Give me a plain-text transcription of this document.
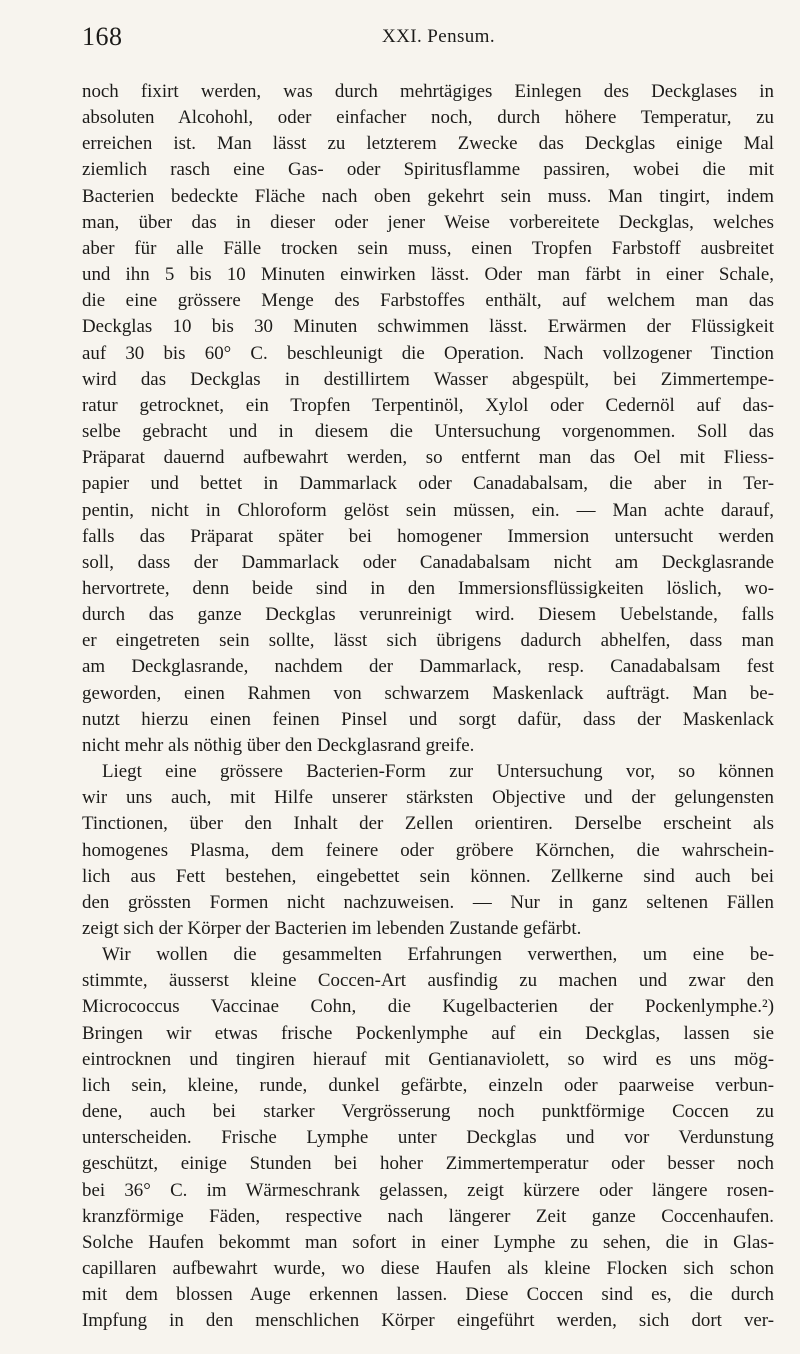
168	XXI. Pensum.
noch fixirt werden, was durch mehrtägiges Einlegen des Deckglases in
absoluten Alcohohl, oder einfacher noch, durch höhere Temperatur, zu
erreichen ist. Man lässt zu letzterem Zwecke das Deckglas einige Mal
ziemlich rasch eine Gas- oder Spiritusflamme passiren, wobei die mit
Bacterien bedeckte Fläche nach oben gekehrt sein muss. Man tingirt, indem
man, über das in dieser oder jener Weise vorbereitete Deckglas, welches
aber für alle Fälle trocken sein muss, einen Tropfen Farbstoff ausbreitet
und ihn 5 bis 10 Minuten einwirken lässt. Oder man färbt in einer Schale,
die eine grössere Menge des Farbstoffes enthält, auf welchem man das
Deckglas 10 bis 30 Minuten schwimmen lässt. Erwärmen der Flüssigkeit
auf 30 bis 60° C. beschleunigt die Operation. Nach vollzogener Tinction
wird das Deckglas in destillirtem Wasser abgespült, bei Zimmertempe-
ratur getrocknet, ein Tropfen Terpentinöl, Xylol oder Cedernöl auf das-
selbe gebracht und in diesem die Untersuchung vorgenommen. Soll das
Präparat dauernd aufbewahrt werden, so entfernt man das Oel mit Fliess-
papier und bettet in Dammarlack oder Canadabalsam, die aber in Ter-
pentin, nicht in Chloroform gelöst sein müssen, ein. — Man achte darauf,
falls das Präparat später bei homogener Immersion untersucht werden
soll, dass der Dammarlack oder Canadabalsam nicht am Deckglasrande
hervortrete, denn beide sind in den Immersionsflüssigkeiten löslich, wo-
durch das ganze Deckglas verunreinigt wird. Diesem Uebelstande, falls
er eingetreten sein sollte, lässt sich übrigens dadurch abhelfen, dass man
am Deckglasrande, nachdem der Dammarlack, resp. Canadabalsam fest
geworden, einen Rahmen von schwarzem Maskenlack aufträgt. Man be-
nutzt hierzu einen feinen Pinsel und sorgt dafür, dass der Maskenlack
nicht mehr als nöthig über den Deckglasrand greife.
Liegt eine grössere Bacterien-Form zur Untersuchung vor, so können
wir uns auch, mit Hilfe unserer stärksten Objective und der gelungensten
Tinctionen, über den Inhalt der Zellen orientiren. Derselbe erscheint als
homogenes Plasma, dem feinere oder gröbere Körnchen, die wahrschein-
lich aus Fett bestehen, eingebettet sein können. Zellkerne sind auch bei
den grössten Formen nicht nachzuweisen. — Nur in ganz seltenen Fällen
zeigt sich der Körper der Bacterien im lebenden Zustande gefärbt.
Wir wollen die gesammelten Erfahrungen verwerthen, um eine be-
stimmte, äusserst kleine Coccen-Art ausfindig zu machen und zwar den
Micrococcus Vaccinae Cohn, die Kugelbacterien der Pockenlymphe.²)
Bringen wir etwas frische Pockenlymphe auf ein Deckglas, lassen sie
eintrocknen und tingiren hierauf mit Gentianaviolett, so wird es uns mög-
lich sein, kleine, runde, dunkel gefärbte, einzeln oder paarweise verbun-
dene, auch bei starker Vergrösserung noch punktförmige Coccen zu
unterscheiden. Frische Lymphe unter Deckglas und vor Verdunstung
geschützt, einige Stunden bei hoher Zimmertemperatur oder besser noch
bei 36° C. im Wärmeschrank gelassen, zeigt kürzere oder längere rosen-
kranzförmige Fäden, respective nach längerer Zeit ganze Coccenhaufen.
Solche Haufen bekommt man sofort in einer Lymphe zu sehen, die in Glas-
capillaren aufbewahrt wurde, wo diese Haufen als kleine Flocken sich schon
mit dem blossen Auge erkennen lassen. Diese Coccen sind es, die durch
Impfung in den menschlichen Körper eingeführt werden, sich dort ver-
